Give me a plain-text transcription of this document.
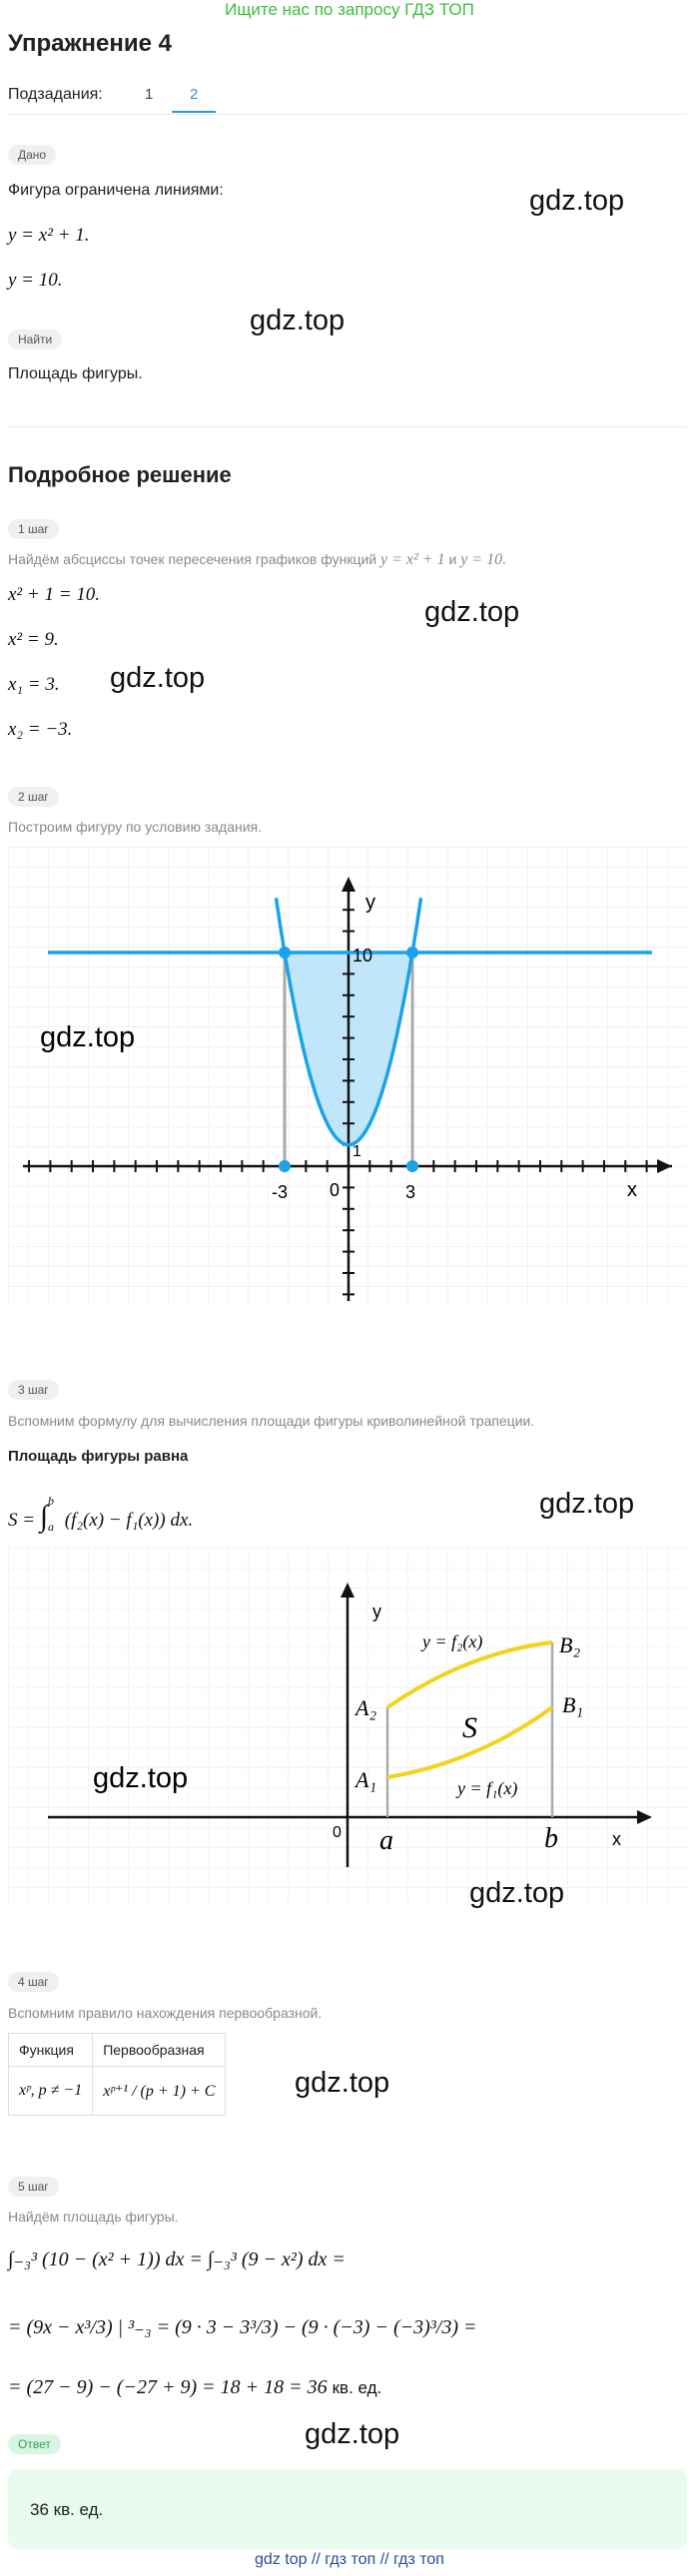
Ищите нас по запросу ГДЗ ТОП
Упражнение 4
Подзадания:	1 2
Дано
Фигура ограничена линиями:
y = x² + 1.
y = 10.
gdz.top
gdz.top
Найти
Площадь фигуры.
Подробное решение
1 шаг
Найдём абсциссы точек пересечения графиков функций y = x² + 1 и y = 10.
x² + 1 = 10.
x² = 9.
x₁ = 3.
x₂ = −3.
gdz.top
gdz.top
2 шаг
Построим фигуру по условию задания.
x
y
10
1
-3 0	3
gdz.top
3 шаг
Вспомним формулу для вычисления площади фигуры криволинейной трапеции.
Площадь фигуры равна
S = ∫$^b_a$ (f₂(x) − f₁(x)) dx.
gdz.top
y
x
0 a	b
S
A₁
A₂	B₁
B₂
y = f₂(x)
y = f₁(x)
gdz.top
gdz.top
4 шаг
Вспомним правило нахождения первообразной.
Функция	Первообразная
xᵖ, p ≠ −1	xᵖ⁺¹ / (p + 1) + C	gdz.top
5 шаг
Найдём площадь фигуры.
∫₋₃³ (10 − (x² + 1)) dx = ∫₋₃³ (9 − x²) dx =
= (9x − x³/3) | ³₋₃ = (9 · 3 − 3³/3) − (9 · (−3) − (−3)³/3) =
= (27 − 9) − (−27 + 9) = 18 + 18 = 36 кв. ед.
gdz.top
Ответ
36 кв. ед.
gdz top // гдз топ // гдз топ
